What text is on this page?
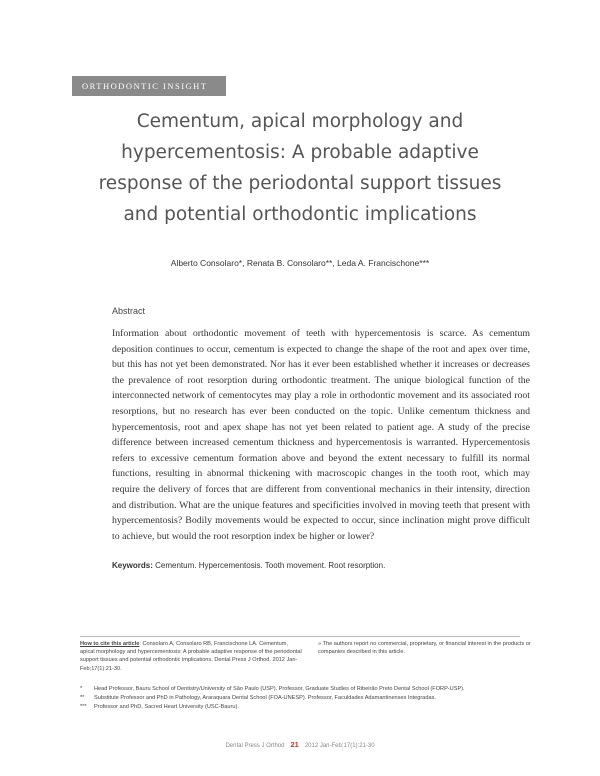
ORTHODONTIC INSIGHT
Cementum, apical morphology and
hypercementosis: A probable adaptive
response of the periodontal support tissues
and potential orthodontic implications
Alberto Consolaro*, Renata B. Consolaro**, Leda A. Francischone***
Abstract

Information about orthodontic movement of teeth with hypercementosis is scarce. As cementum deposition continues to occur, cementum is expected to change the shape of the root and apex over time, but this has not yet been demonstrated. Nor has it ever been established whether it increases or decreases the prevalence of root resorption during orthodontic treatment. The unique biological function of the interconnected network of cementocytes may play a role in orthodontic movement and its associated root resorptions, but no research has ever been conducted on the topic. Unlike cementum thickness and hypercementosis, root and apex shape has not yet been related to patient age. A study of the precise difference between increased cementum thickness and hypercementosis is warranted. Hypercementosis refers to excessive cementum formation above and beyond the extent necessary to fulfill its normal functions, resulting in abnormal thickening with macroscopic changes in the tooth root, which may require the delivery of forces that are different from conventional mechanics in their intensity, direction and distribution. What are the unique features and specificities involved in moving teeth that present with hypercementosis? Bodily movements would be expected to occur, since inclination might prove difficult to achieve, but would the root resorption index be higher or lower?

Keywords: Cementum. Hypercementosis. Tooth movement. Root resorption.
How to cite this article: Consolaro A, Consolaro RB, Francischone LA. Cementum, apical morphology and hypercementosis: A probable adaptive response of the periodontal support tissues and potential orthodontic implications. Dental Press J Orthod. 2012 Jan-Feb;17(1):21-30.
» The authors report no commercial, proprietary, or financial interest in the products or companies described in this article.
*	Head Professor, Bauru School of Dentistry/University of São Paulo (USP). Professor, Graduate Studies of Ribeirão Preto Dental School (FORP-USP).
**	Substitute Professor and PhD in Pathology, Araraquara Dental School (FOA-UNESP). Professor, Faculdades Adamantinenses Integradas.
***	Professor and PhD, Sacred Heart University (USC-Bauru).
Dental Press J Orthod 21 2012 Jan-Feb;17(1):21-30
